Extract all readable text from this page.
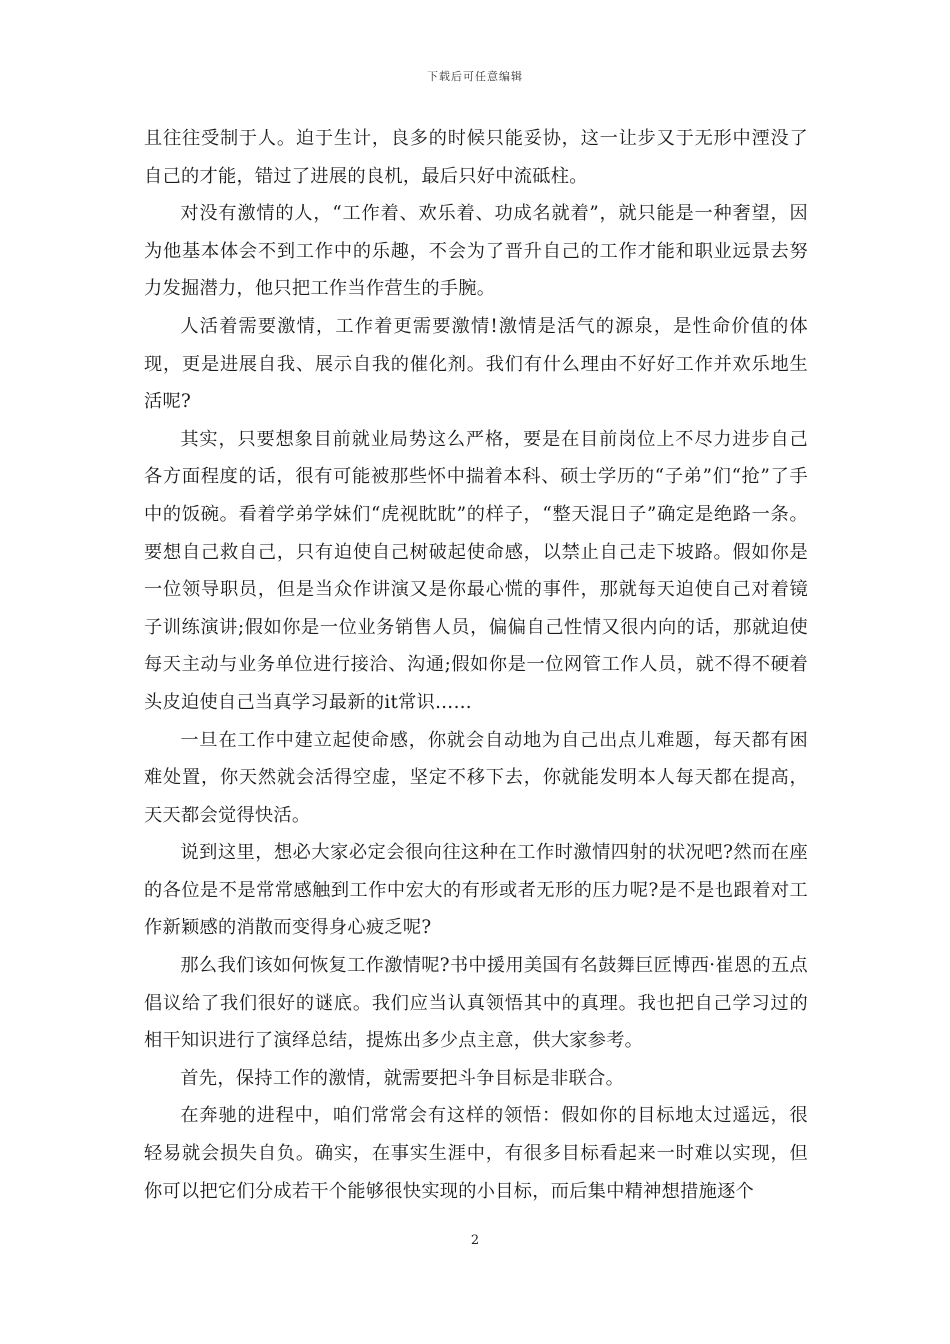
下载后可任意编辑

且往往受制于人。迫于生计，良多的时候只能妥协，这一让步又于无形中湮没了自己的才能，错过了进展的良机，最后只好中流砥柱。

对没有激情的人，“工作着、欢乐着、功成名就着”，就只能是一种奢望，因为他基本体会不到工作中的乐趣，不会为了晋升自己的工作才能和职业远景去努力发掘潜力，他只把工作当作营生的手腕。

人活着需要激情，工作着更需要激情!激情是活气的源泉，是性命价值的体现，更是进展自我、展示自我的催化剂。我们有什么理由不好好工作并欢乐地生活呢?

其实，只要想象目前就业局势这么严格，要是在目前岗位上不尽力进步自己各方面程度的话，很有可能被那些怀中揣着本科、硕士学历的“子弟”们“抢”了手中的饭碗。看着学弟学妹们“虎视眈眈”的样子，“整天混日子”确定是绝路一条。要想自己救自己，只有迫使自己树破起使命感，以禁止自己走下坡路。假如你是一位领导职员，但是当众作讲演又是你最心慌的事件，那就每天迫使自己对着镜子训练演讲;假如你是一位业务销售人员，偏偏自己性情又很内向的话，那就迫使每天主动与业务单位进行接洽、沟通;假如你是一位网管工作人员，就不得不硬着头皮迫使自己当真学习最新的it常识……

一旦在工作中建立起使命感，你就会自动地为自己出点儿难题，每天都有困难处置，你天然就会活得空虚，坚定不移下去，你就能发明本人每天都在提高，天天都会觉得快活。

说到这里，想必大家必定会很向往这种在工作时激情四射的状况吧?然而在座的各位是不是常常感触到工作中宏大的有形或者无形的压力呢?是不是也跟着对工作新颖感的消散而变得身心疲乏呢?

那么我们该如何恢复工作激情呢?书中援用美国有名鼓舞巨匠博西·崔恩的五点倡议给了我们很好的谜底。我们应当认真领悟其中的真理。我也把自己学习过的相干知识进行了演绎总结，提炼出多少点主意，供大家参考。

首先，保持工作的激情，就需要把斗争目标是非联合。

在奔驰的进程中，咱们常常会有这样的领悟：假如你的目标地太过遥远，很轻易就会损失自负。确实，在事实生涯中，有很多目标看起来一时难以实现，但你可以把它们分成若干个能够很快实现的小目标，而后集中精神想措施逐个

2
